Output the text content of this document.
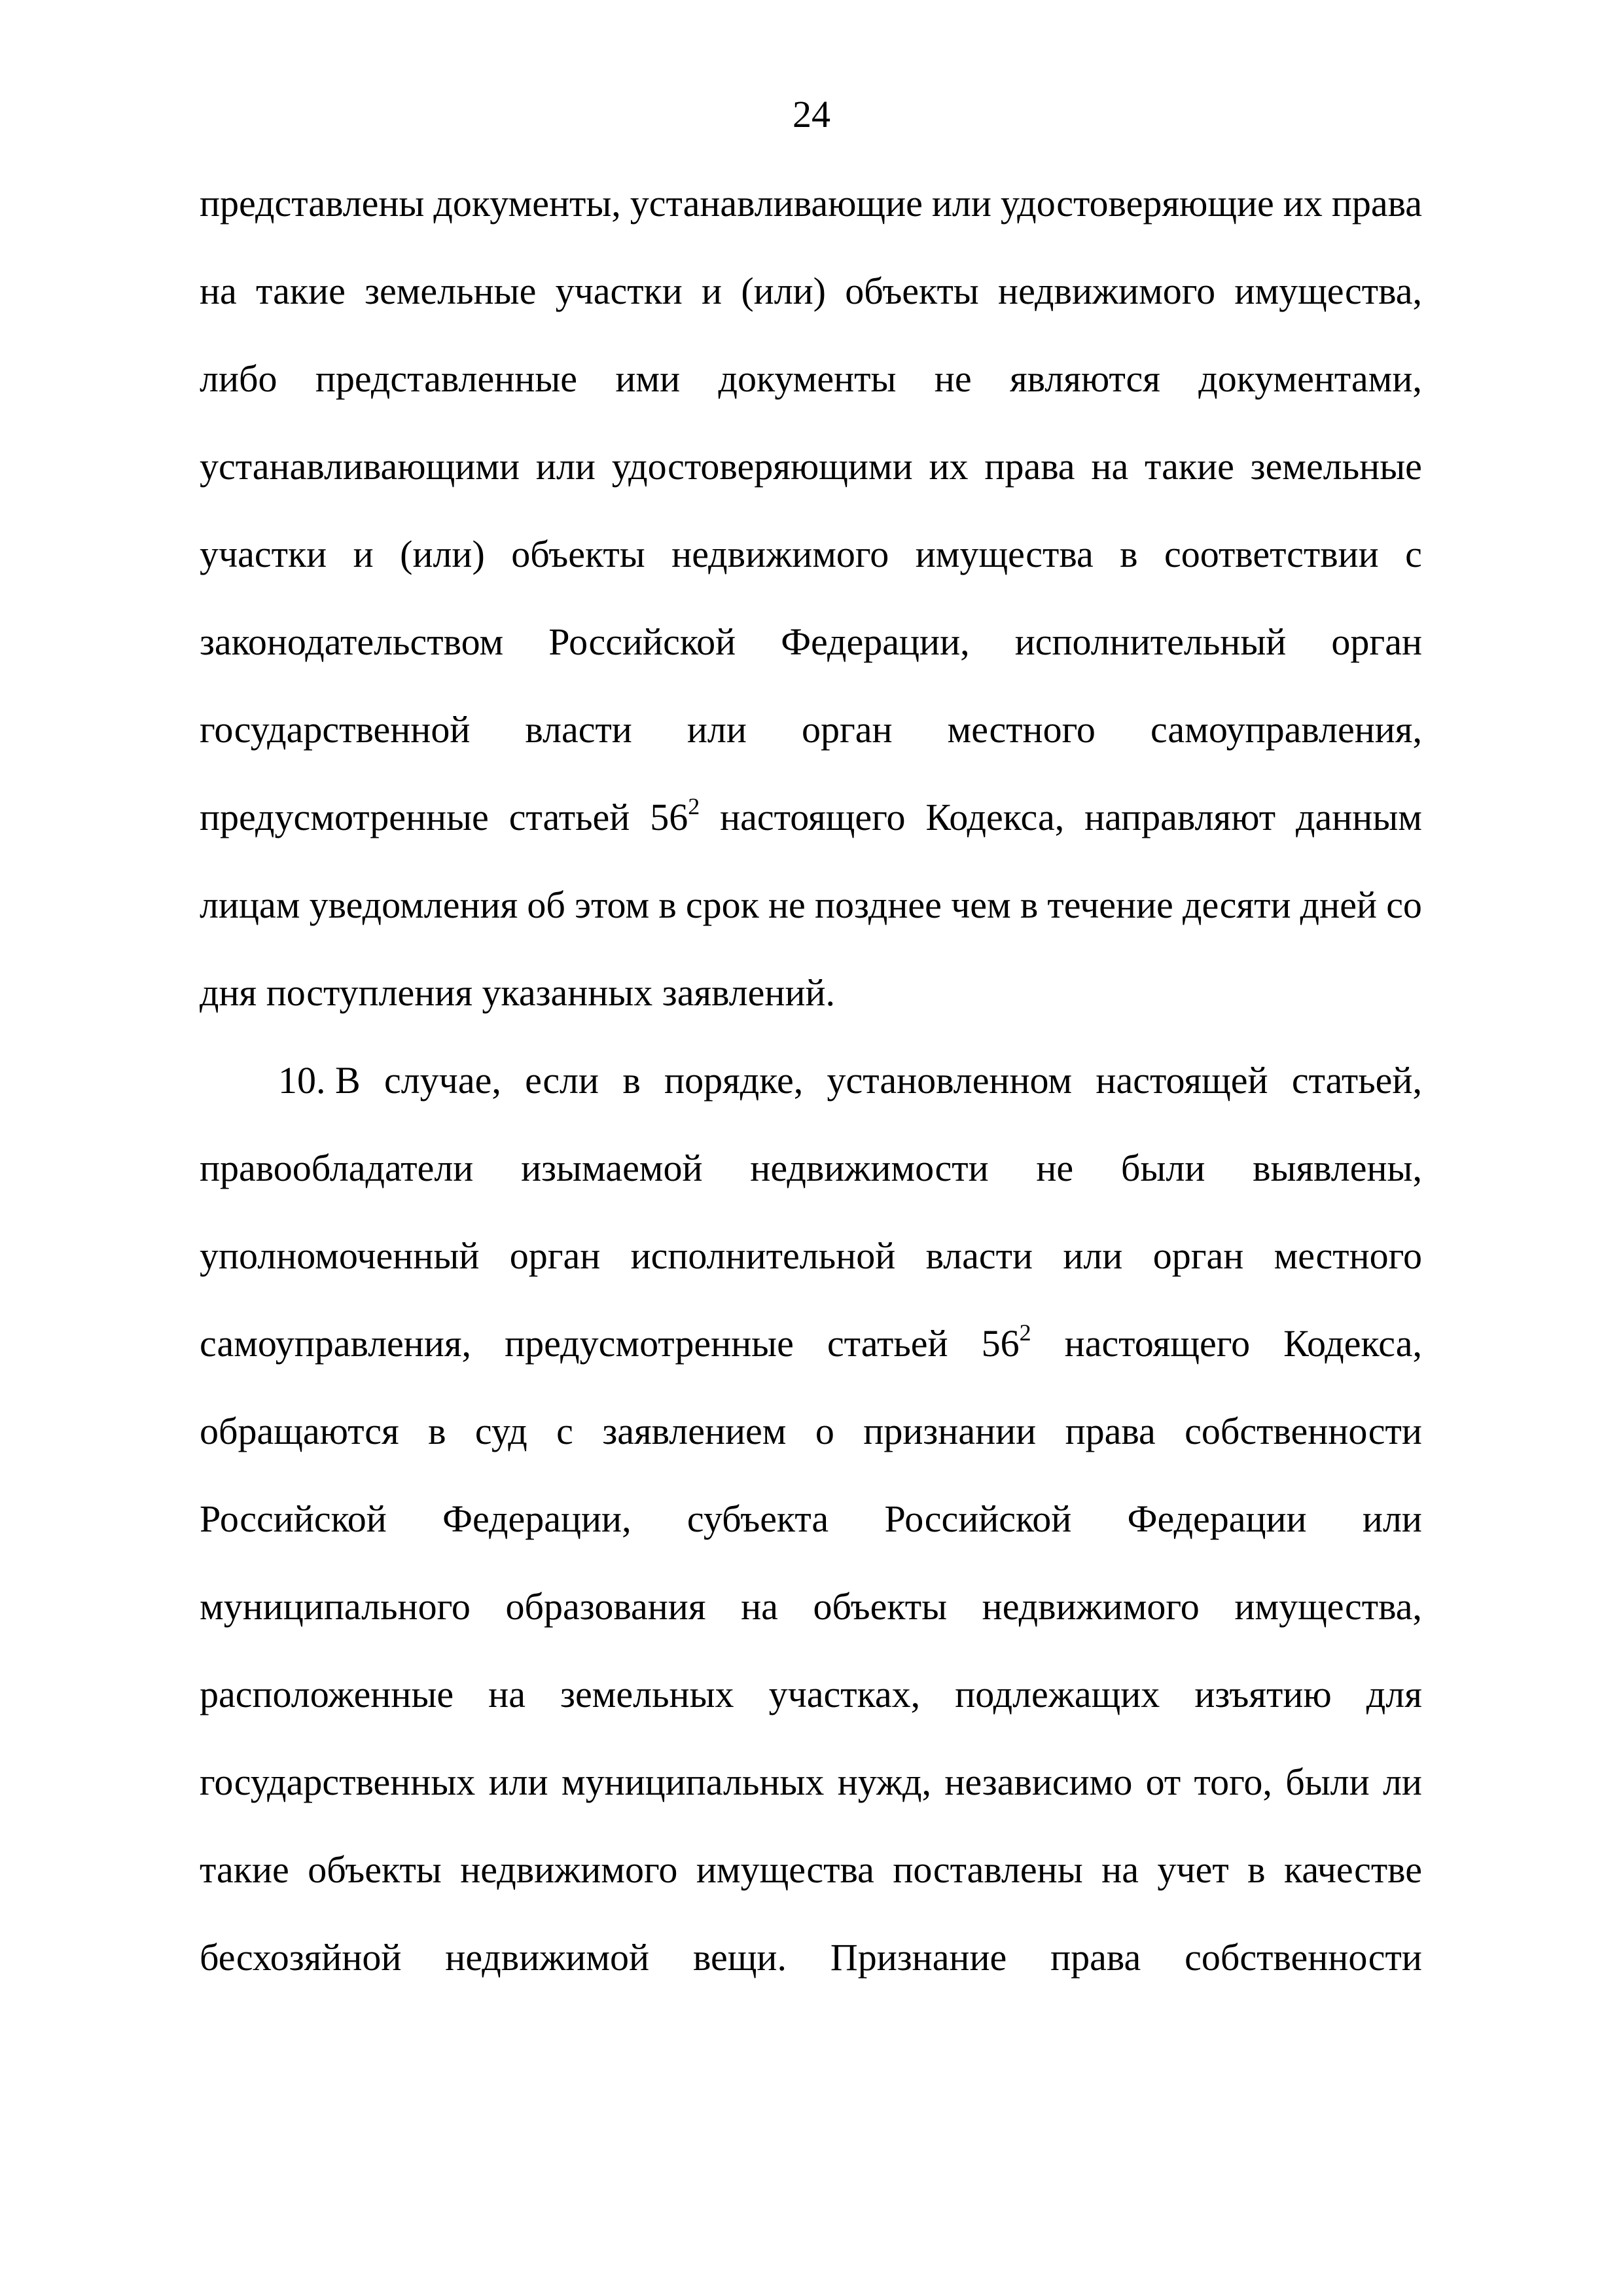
24
представлены документы, устанавливающие или удостоверяющие их права
на такие земельные участки и (или) объекты недвижимого имущества,
либо представленные ими документы не являются документами,
устанавливающими или удостоверяющими их права на такие земельные
участки и (или) объекты недвижимого имущества в соответствии с
законодательством Российской Федерации, исполнительный орган
государственной власти или орган местного самоуправления,
предусмотренные статьей $56^2$ настоящего Кодекса, направляют данным
лицам уведомления об этом в срок не позднее чем в течение десяти дней со
дня поступления указанных заявлений.
10. В случае, если в порядке, установленном настоящей статьей,
правообладатели изымаемой недвижимости не были выявлены,
уполномоченный орган исполнительной власти или орган местного
самоуправления, предусмотренные статьей $56^2$ настоящего Кодекса,
обращаются в суд с заявлением о признании права собственности
Российской Федерации, субъекта Российской Федерации или
муниципального образования на объекты недвижимого имущества,
расположенные на земельных участках, подлежащих изъятию для
государственных или муниципальных нужд, независимо от того, были ли
такие объекты недвижимого имущества поставлены на учет в качестве
бесхозяйной недвижимой вещи. Признание права собственности
